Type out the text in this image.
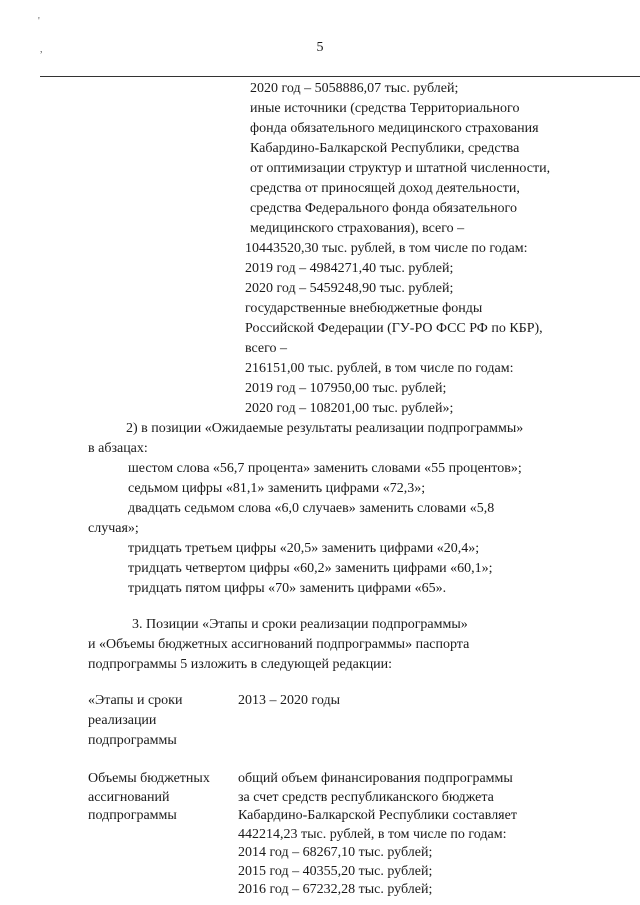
'
,	5
2020 год – 5058886,07 тыс. рублей;
иные источники (средства Территориального
фонда обязательного медицинского страхования
Кабардино-Балкарской Республики, средства
от оптимизации структур и штатной численности,
средства от приносящей доход деятельности,
средства Федерального фонда обязательного
медицинского страхования), всего –
10443520,30 тыс. рублей, в том числе по годам:
2019 год – 4984271,40 тыс. рублей;
2020 год – 5459248,90 тыс. рублей;
государственные внебюджетные фонды
Российской Федерации (ГУ-РО ФСС РФ по КБР),
всего –
216151,00 тыс. рублей, в том числе по годам:
2019 год – 107950,00 тыс. рублей;
2020 год – 108201,00 тыс. рублей»;
2) в позиции «Ожидаемые результаты реализации подпрограммы»
в абзацах:
шестом слова «56,7 процента» заменить словами «55 процентов»;
седьмом цифры «81,1» заменить цифрами «72,3»;
двадцать седьмом слова «6,0 случаев» заменить словами «5,8
случая»;
тридцать третьем цифры «20,5» заменить цифрами «20,4»;
тридцать четвертом цифры «60,2» заменить цифрами «60,1»;
тридцать пятом цифры «70» заменить цифрами «65».
3. Позиции «Этапы и сроки реализации подпрограммы»
и «Объемы бюджетных ассигнований подпрограммы» паспорта
подпрограммы 5 изложить в следующей редакции:
«Этапы и сроки
реализации
подпрограммы
2013 – 2020 годы
Объемы бюджетных
ассигнований
подпрограммы
общий объем финансирования подпрограммы
за счет средств республиканского бюджета
Кабардино-Балкарской Республики составляет
442214,23 тыс. рублей, в том числе по годам:
2014 год – 68267,10 тыс. рублей;
2015 год – 40355,20 тыс. рублей;
2016 год – 67232,28 тыс. рублей;
